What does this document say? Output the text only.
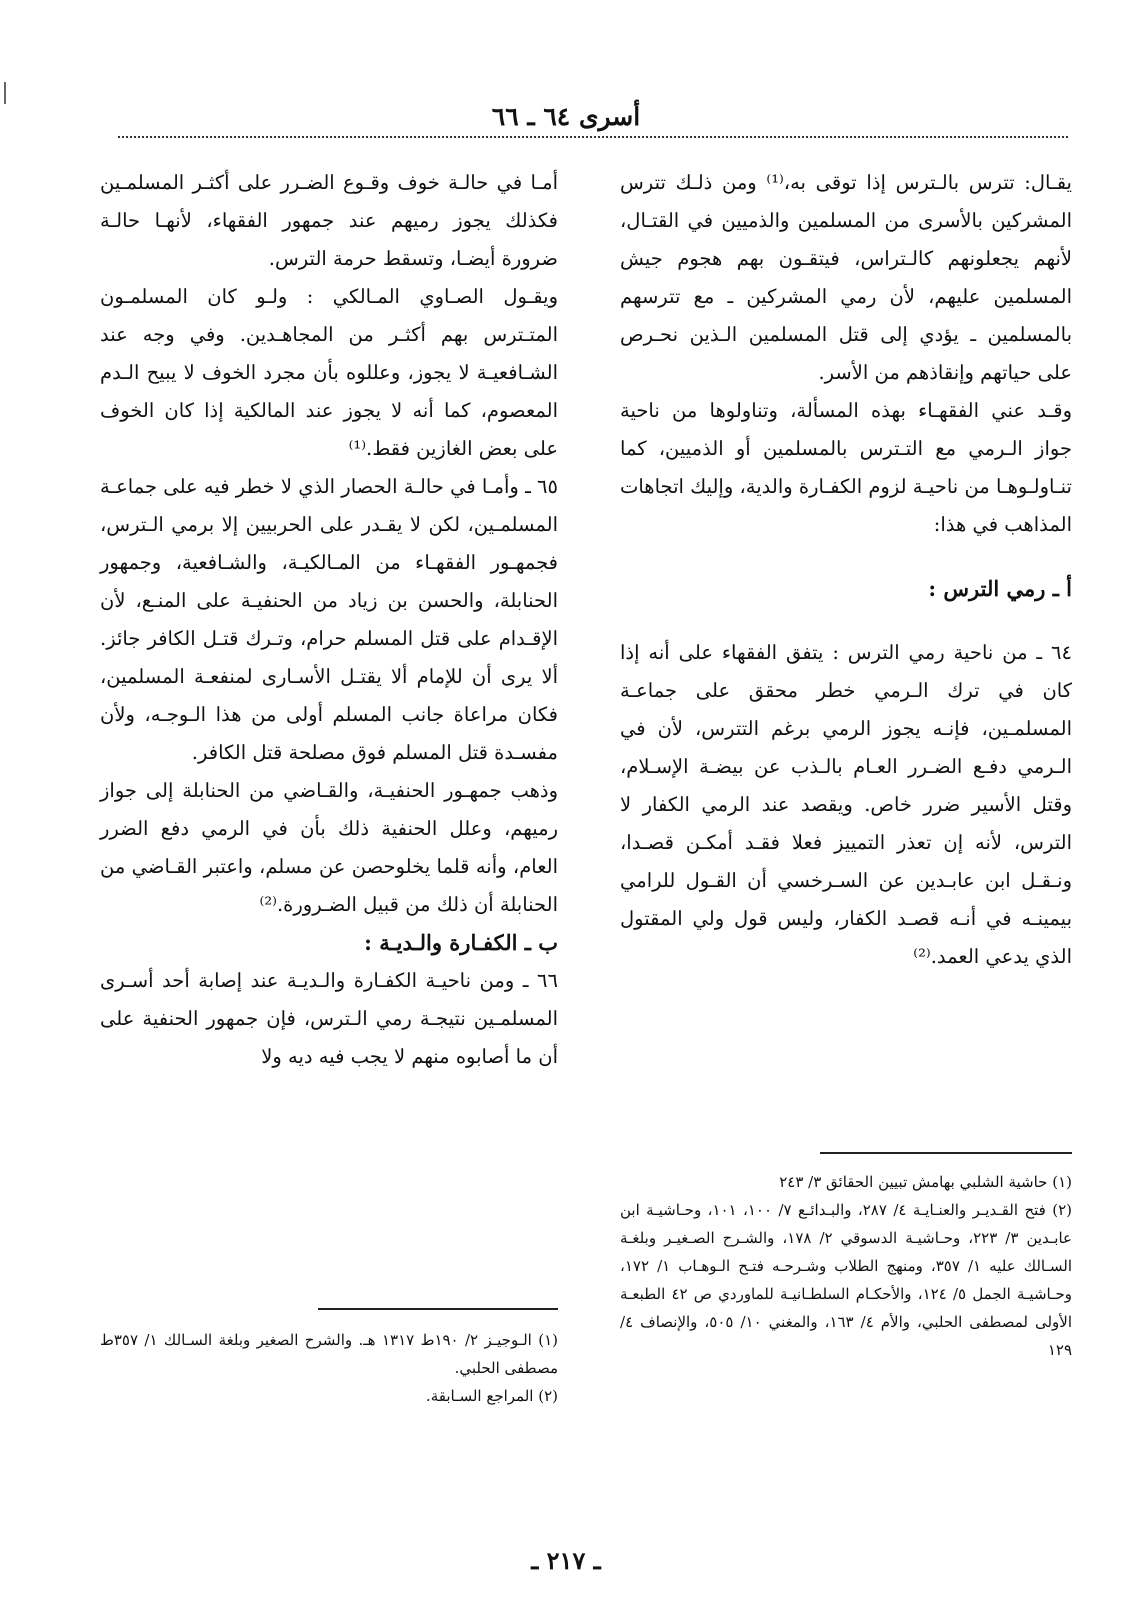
أسرى ٦٤ ـ ٦٦

يقـال: تترس بالـترس إذا توقى به،⁽¹⁾ ومن ذلـك تترس المشركين بالأسرى من المسلمين والذميين في القتـال، لأنهم يجعلونهم كالـتراس، فيتقـون بهم هجوم جيش المسلمين عليهم، لأن رمي المشركين ـ مع تترسهم بالمسلمين ـ يؤدي إلى قتل المسلمين الـذين نحـرص على حياتهم وإنقاذهم من الأسر.

وقـد عني الفقهـاء بهذه المسألة، وتناولوها من ناحية جواز الـرمي مع التـترس بالمسلمين أو الذميين، كما تنـاولـوهـا من ناحيـة لزوم الكفـارة والدية، وإليك اتجاهات المذاهب في هذا:

أ ـ رمي الترس :

٦٤ ـ من ناحية رمي الترس : يتفق الفقهاء على أنه إذا كان في ترك الـرمي خطر محقق على جماعـة المسلمـين، فإنـه يجوز الرمي برغم التترس، لأن في الـرمي دفـع الضـرر العـام بالـذب عن بيضـة الإسـلام، وقتل الأسير ضرر خاص. ويقصد عند الرمي الكفار لا الترس، لأنه إن تعذر التمييز فعلا فقـد أمكـن قصـدا، ونـقـل ابن عابـدين عن السـرخسي أن القـول للرامي بيمينـه في أنـه قصـد الكفار، وليس قول ولي المقتول الذي يدعي العمد.⁽²⁾

أمـا في حالـة خوف وقـوع الضـرر على أكثـر المسلمـين فكذلك يجوز رميهم عند جمهور الفقهاء، لأنهـا حالـة ضرورة أيضـا، وتسقط حرمة الترس.

ويقـول الصـاوي المـالكي : ولـو كان المسلمـون المتـترس بهم أكثـر من المجاهـدين. وفي وجه عند الشـافعيـة لا يجوز، وعللوه بأن مجرد الخوف لا يبيح الـدم المعصوم، كما أنه لا يجوز عند المالكية إذا كان الخوف على بعض الغازين فقط.⁽¹⁾

٦٥ ـ وأمـا في حالـة الحصار الذي لا خطر فيه على جماعـة المسلمـين، لكن لا يقـدر على الحربيين إلا برمي الـترس، فجمهـور الفقهـاء من المـالكيـة، والشـافعية، وجمهور الحنابلة، والحسن بن زياد من الحنفيـة على المنـع، لأن الإقـدام على قتل المسلم حرام، وتـرك قتـل الكافر جائز. ألا يرى أن للإمام ألا يقتـل الأسـارى لمنفعـة المسلمين، فكان مراعاة جانب المسلم أولى من هذا الـوجـه، ولأن مفسـدة قتل المسلم فوق مصلحة قتل الكافر.

وذهب جمهـور الحنفيـة، والقـاضي من الحنابلة إلى جواز رميهم، وعلل الحنفية ذلك بأن في الرمي دفع الضرر العام، وأنه قلما يخلوحصن عن مسلم، واعتبر القـاضي من الحنابلة أن ذلك من قبيل الضـرورة.⁽²⁾

ب ـ الكفـارة والـديـة :

٦٦ ـ ومن ناحيـة الكفـارة والـديـة عند إصابة أحد أسـرى المسلمـين نتيجـة رمي الـترس، فإن جمهور الحنفية على أن ما أصابوه منهم لا يجب فيه ديه ولا

(١) حاشية الشلبي بهامش تبيين الحقائق ٣/ ٢٤٣

(٢) فتح القـديـر والعنـايـة ٤/ ٢٨٧، والبـدائـع ٧/ ١٠٠، ١٠١، وحـاشيـة ابن عابـدين ٣/ ٢٢٣، وحـاشيـة الدسوقي ٢/ ١٧٨، والشـرح الصـغيـر وبلغـة السـالك عليه ١/ ٣٥٧، ومنهج الطلاب وشـرحـه فتـح الـوهـاب ١/ ١٧٢، وحـاشيـة الجمل ٥/ ١٢٤، والأحكـام السلطـانيـة للماوردي ص ٤٢ الطبعـة الأولى لمصطفى الحلبي، والأم ٤/ ١٦٣، والمغني ١٠/ ٥٠٥، والإنصاف ٤/ ١٢٩

(١) الـوجيـز ٢/ ١٩٠ط ١٣١٧ هـ. والشرح الصغير وبلغة السـالك ١/ ٣٥٧ط مصطفى الحلبي.

(٢) المراجع السـابقة.

ـ ٢١٧ ـ
